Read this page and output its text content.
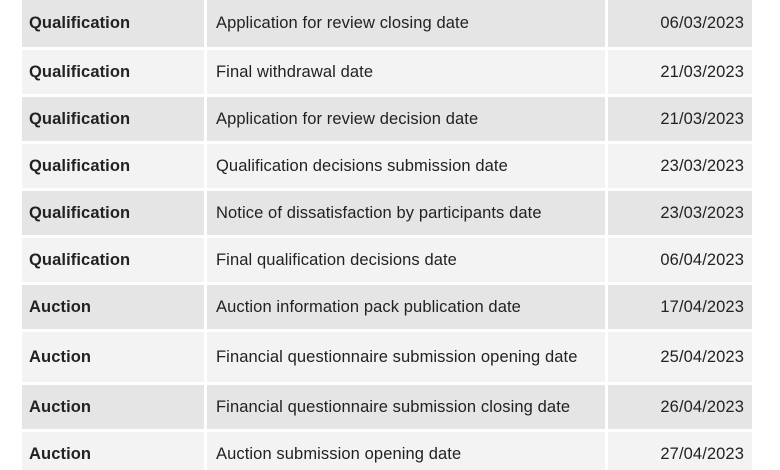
Qualification	Application for review closing date	06/03/2023
Qualification	Final withdrawal date	21/03/2023
Qualification	Application for review decision date	21/03/2023
Qualification	Qualification decisions submission date	23/03/2023
Qualification	Notice of dissatisfaction by participants date	23/03/2023
Qualification	Final qualification decisions date	06/04/2023
Auction	Auction information pack publication date	17/04/2023
Auction	Financial questionnaire submission opening date	25/04/2023
Auction	Financial questionnaire submission closing date	26/04/2023
Auction	Auction submission opening date	27/04/2023
